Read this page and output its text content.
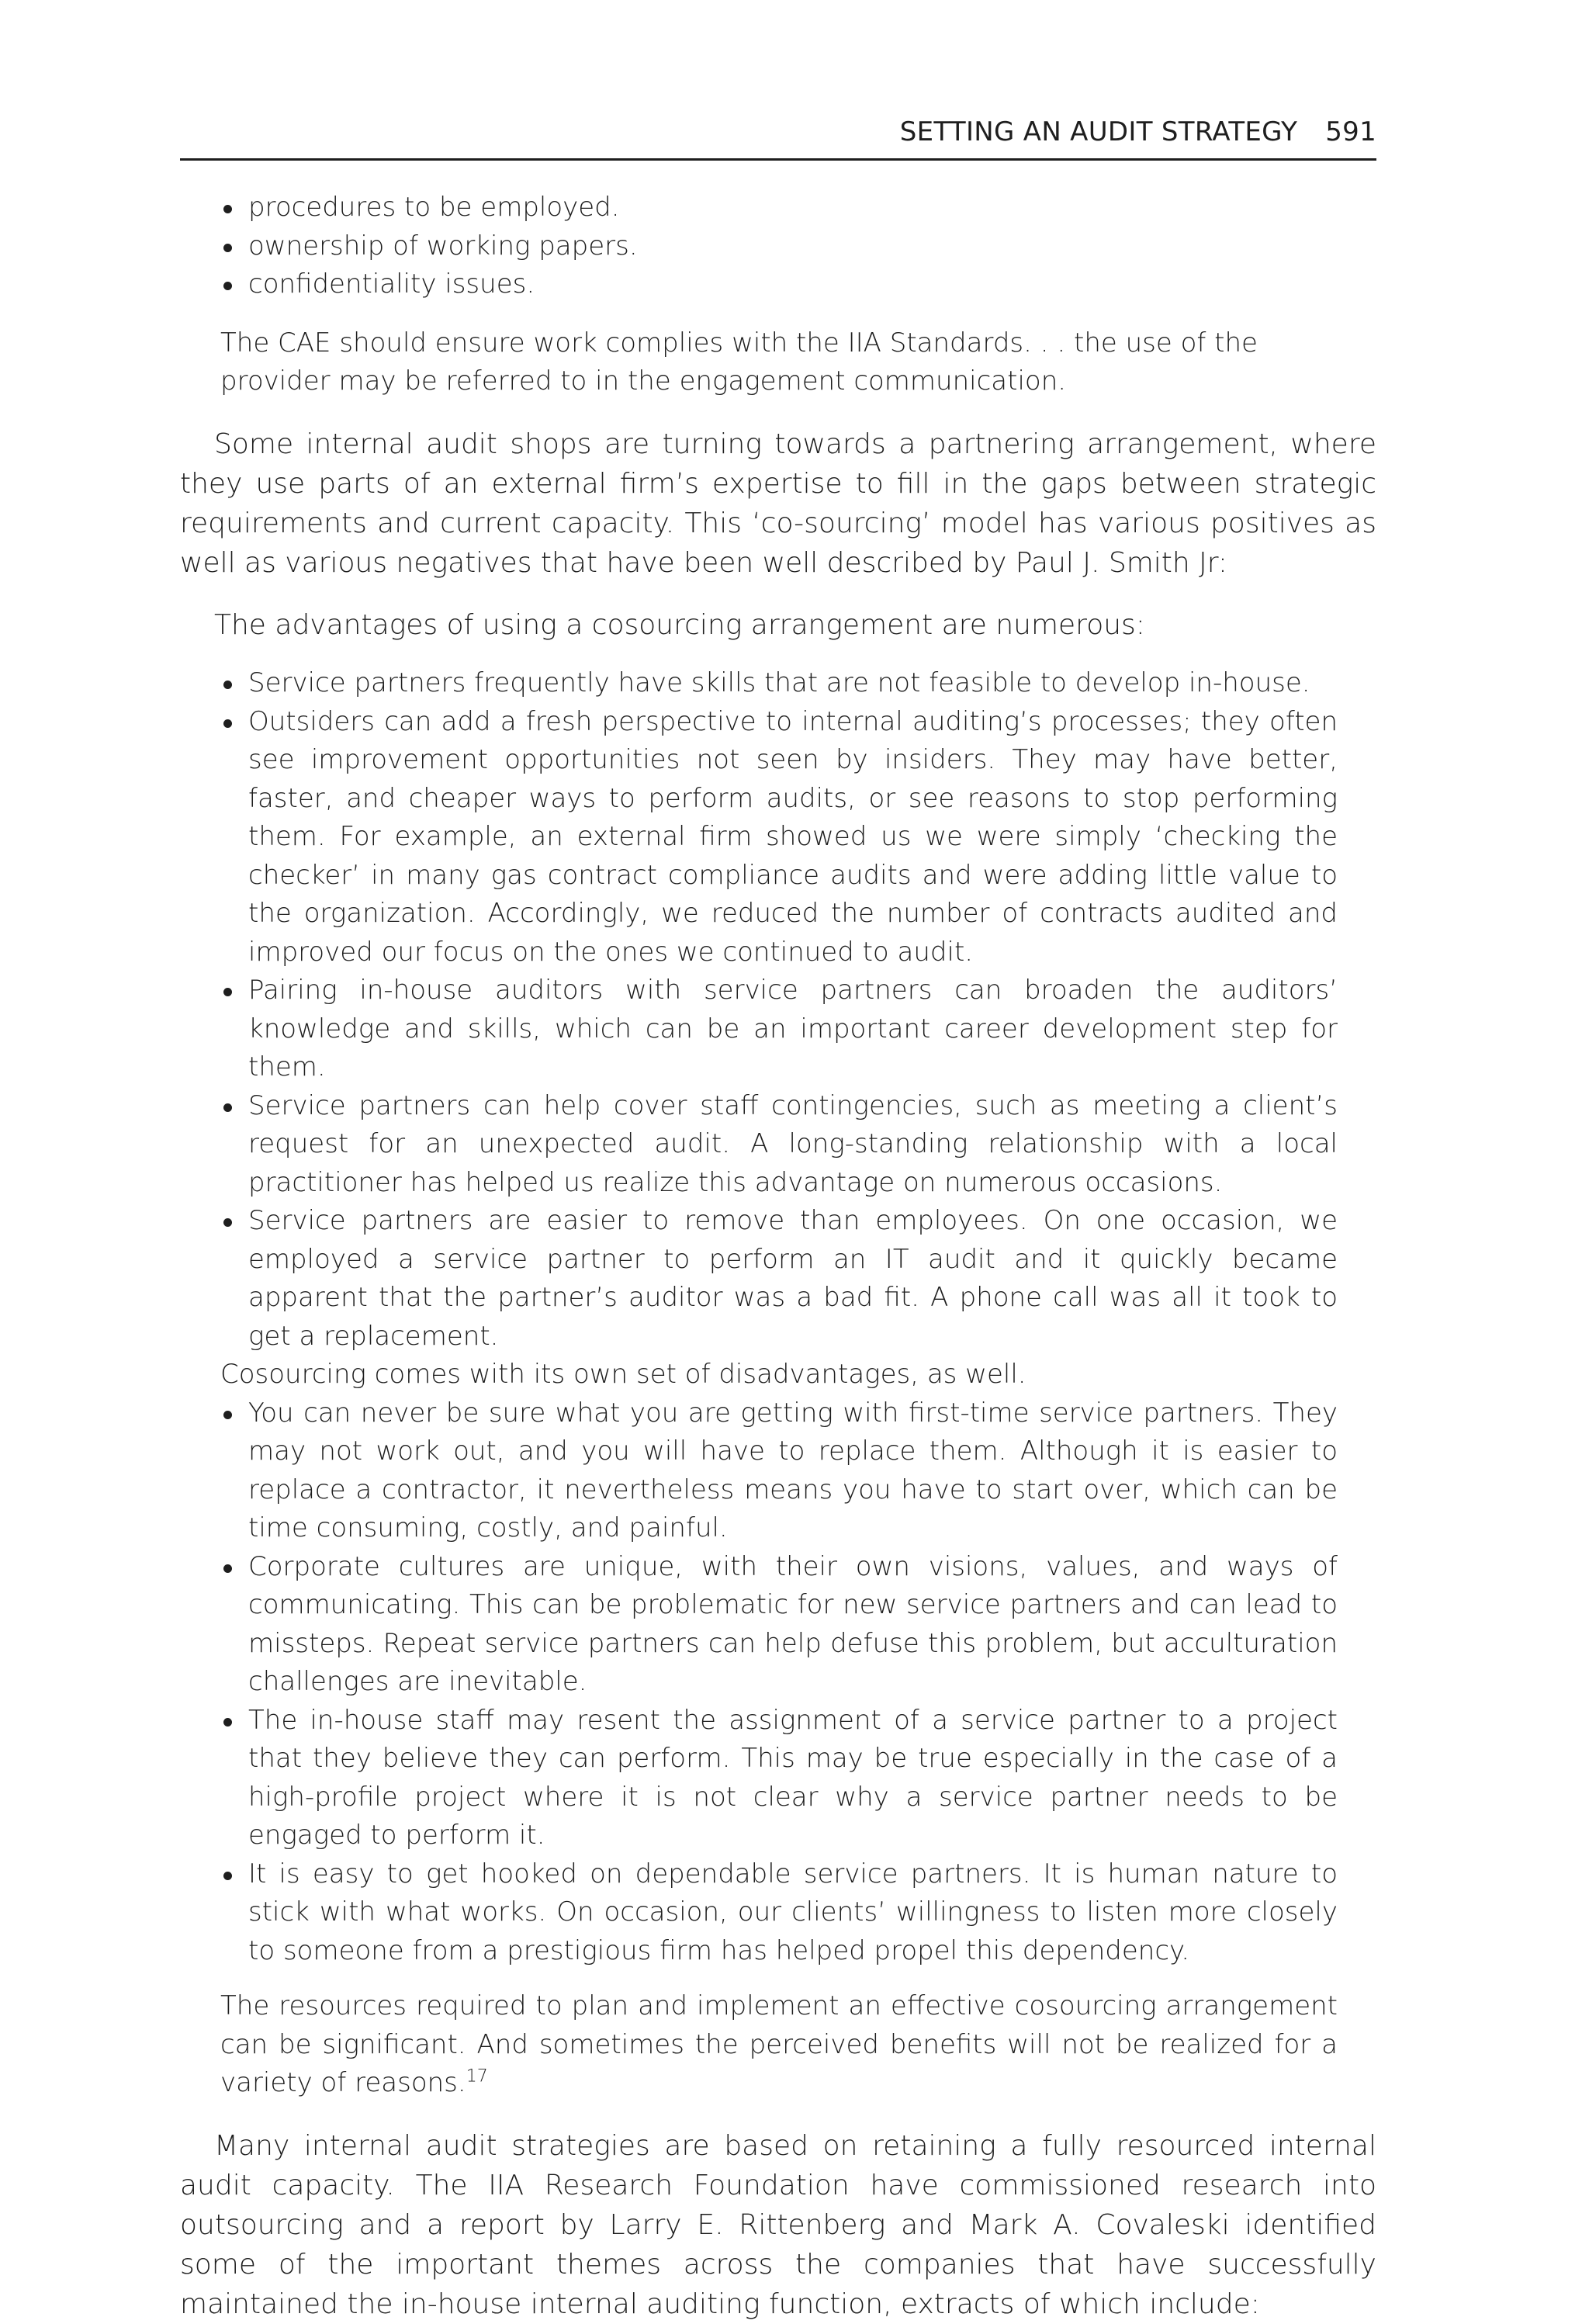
SETTING AN AUDIT STRATEGY 591
procedures to be employed.
ownership of working papers.
confidentiality issues.

The CAE should ensure work complies with the IIA Standards. . . the use of the provider may be referred to in the engagement communication.

Some internal audit shops are turning towards a partnering arrangement, where they use parts of an external firm’s expertise to fill in the gaps between strategic requirements and current capacity. This ‘co-sourcing’ model has various positives as well as various negatives that have been well described by Paul J. Smith Jr:

The advantages of using a cosourcing arrangement are numerous:

Service partners frequently have skills that are not feasible to develop in-house.
Outsiders can add a fresh perspective to internal auditing’s processes; they often see improvement opportunities not seen by insiders. They may have better, faster, and cheaper ways to perform audits, or see reasons to stop performing them. For example, an external firm showed us we were simply ‘checking the checker’ in many gas contract compliance audits and were adding little value to the organization. Accordingly, we reduced the number of contracts audited and improved our focus on the ones we continued to audit.
Pairing in-house auditors with service partners can broaden the auditors’ knowledge and skills, which can be an important career development step for them.
Service partners can help cover staff contingencies, such as meeting a client’s request for an unexpected audit. A long-standing relationship with a local practitioner has helped us realize this advantage on numerous occasions.
Service partners are easier to remove than employees. On one occasion, we employed a service partner to perform an IT audit and it quickly became apparent that the partner’s auditor was a bad fit. A phone call was all it took to get a replacement.

Cosourcing comes with its own set of disadvantages, as well.

You can never be sure what you are getting with first-time service partners. They may not work out, and you will have to replace them. Although it is easier to replace a contractor, it nevertheless means you have to start over, which can be time consuming, costly, and painful.
Corporate cultures are unique, with their own visions, values, and ways of communicating. This can be problematic for new service partners and can lead to missteps. Repeat service partners can help defuse this problem, but acculturation challenges are inevitable.
The in-house staff may resent the assignment of a service partner to a project that they believe they can perform. This may be true especially in the case of a high-profile project where it is not clear why a service partner needs to be engaged to perform it.
It is easy to get hooked on dependable service partners. It is human nature to stick with what works. On occasion, our clients’ willingness to listen more closely to someone from a prestigious firm has helped propel this dependency.

The resources required to plan and implement an effective cosourcing arrangement can be significant. And sometimes the perceived benefits will not be realized for a variety of reasons.$^{17}$

Many internal audit strategies are based on retaining a fully resourced internal audit capacity. The IIA Research Foundation have commissioned research into outsourcing and a report by Larry E. Rittenberg and Mark A. Covaleski identified some of the important themes across the companies that have successfully maintained the in-house internal auditing function, extracts of which include:
